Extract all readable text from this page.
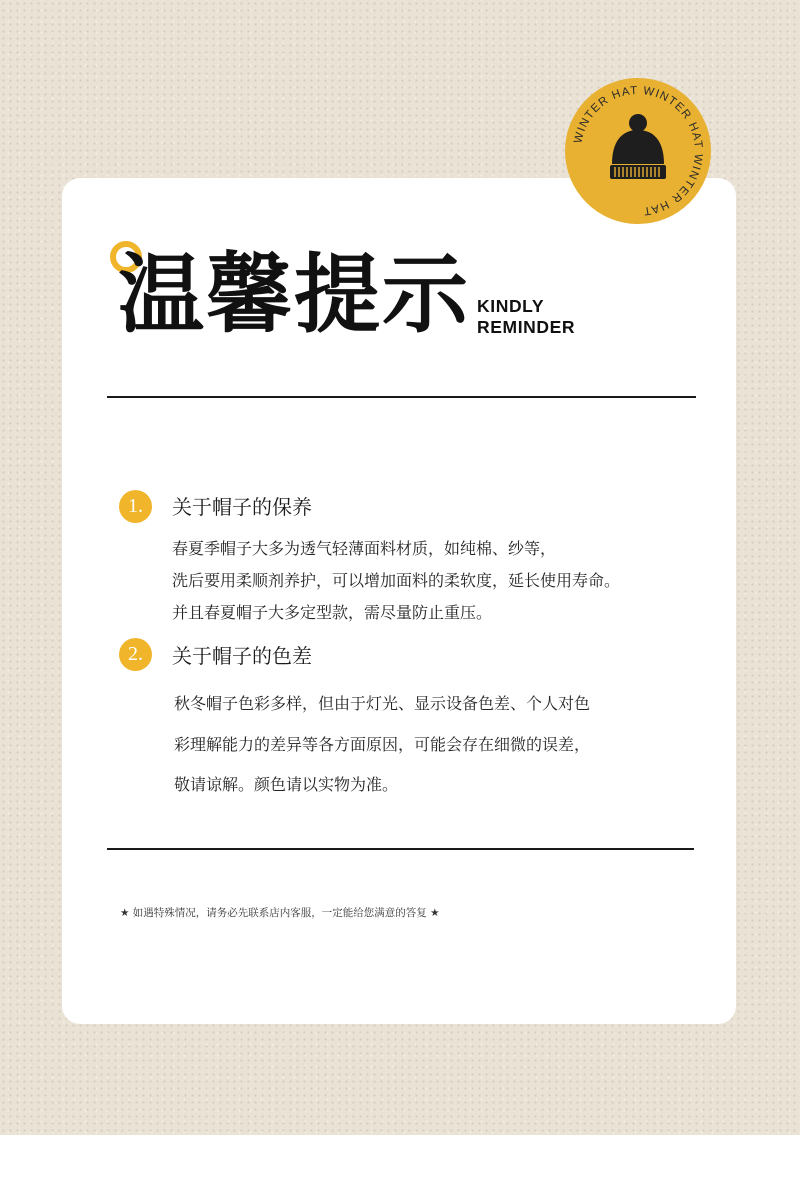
WINTER HAT WINTER HAT WINTER HAT
温馨提示 KINDLY
REMINDER
1.	关于帽子的保养
春夏季帽子大多为透气轻薄面料材质，如纯棉、纱等，
洗后要用柔顺剂养护，可以增加面料的柔软度，延长使用寿命。
并且春夏帽子大多定型款，需尽量防止重压。
2.	关于帽子的色差
秋冬帽子色彩多样，但由于灯光、显示设备色差、个人对色
彩理解能力的差异等各方面原因，可能会存在细微的误差，
敬请谅解。颜色请以实物为准。
★ 如遇特殊情况，请务必先联系店内客服，一定能给您满意的答复 ★
